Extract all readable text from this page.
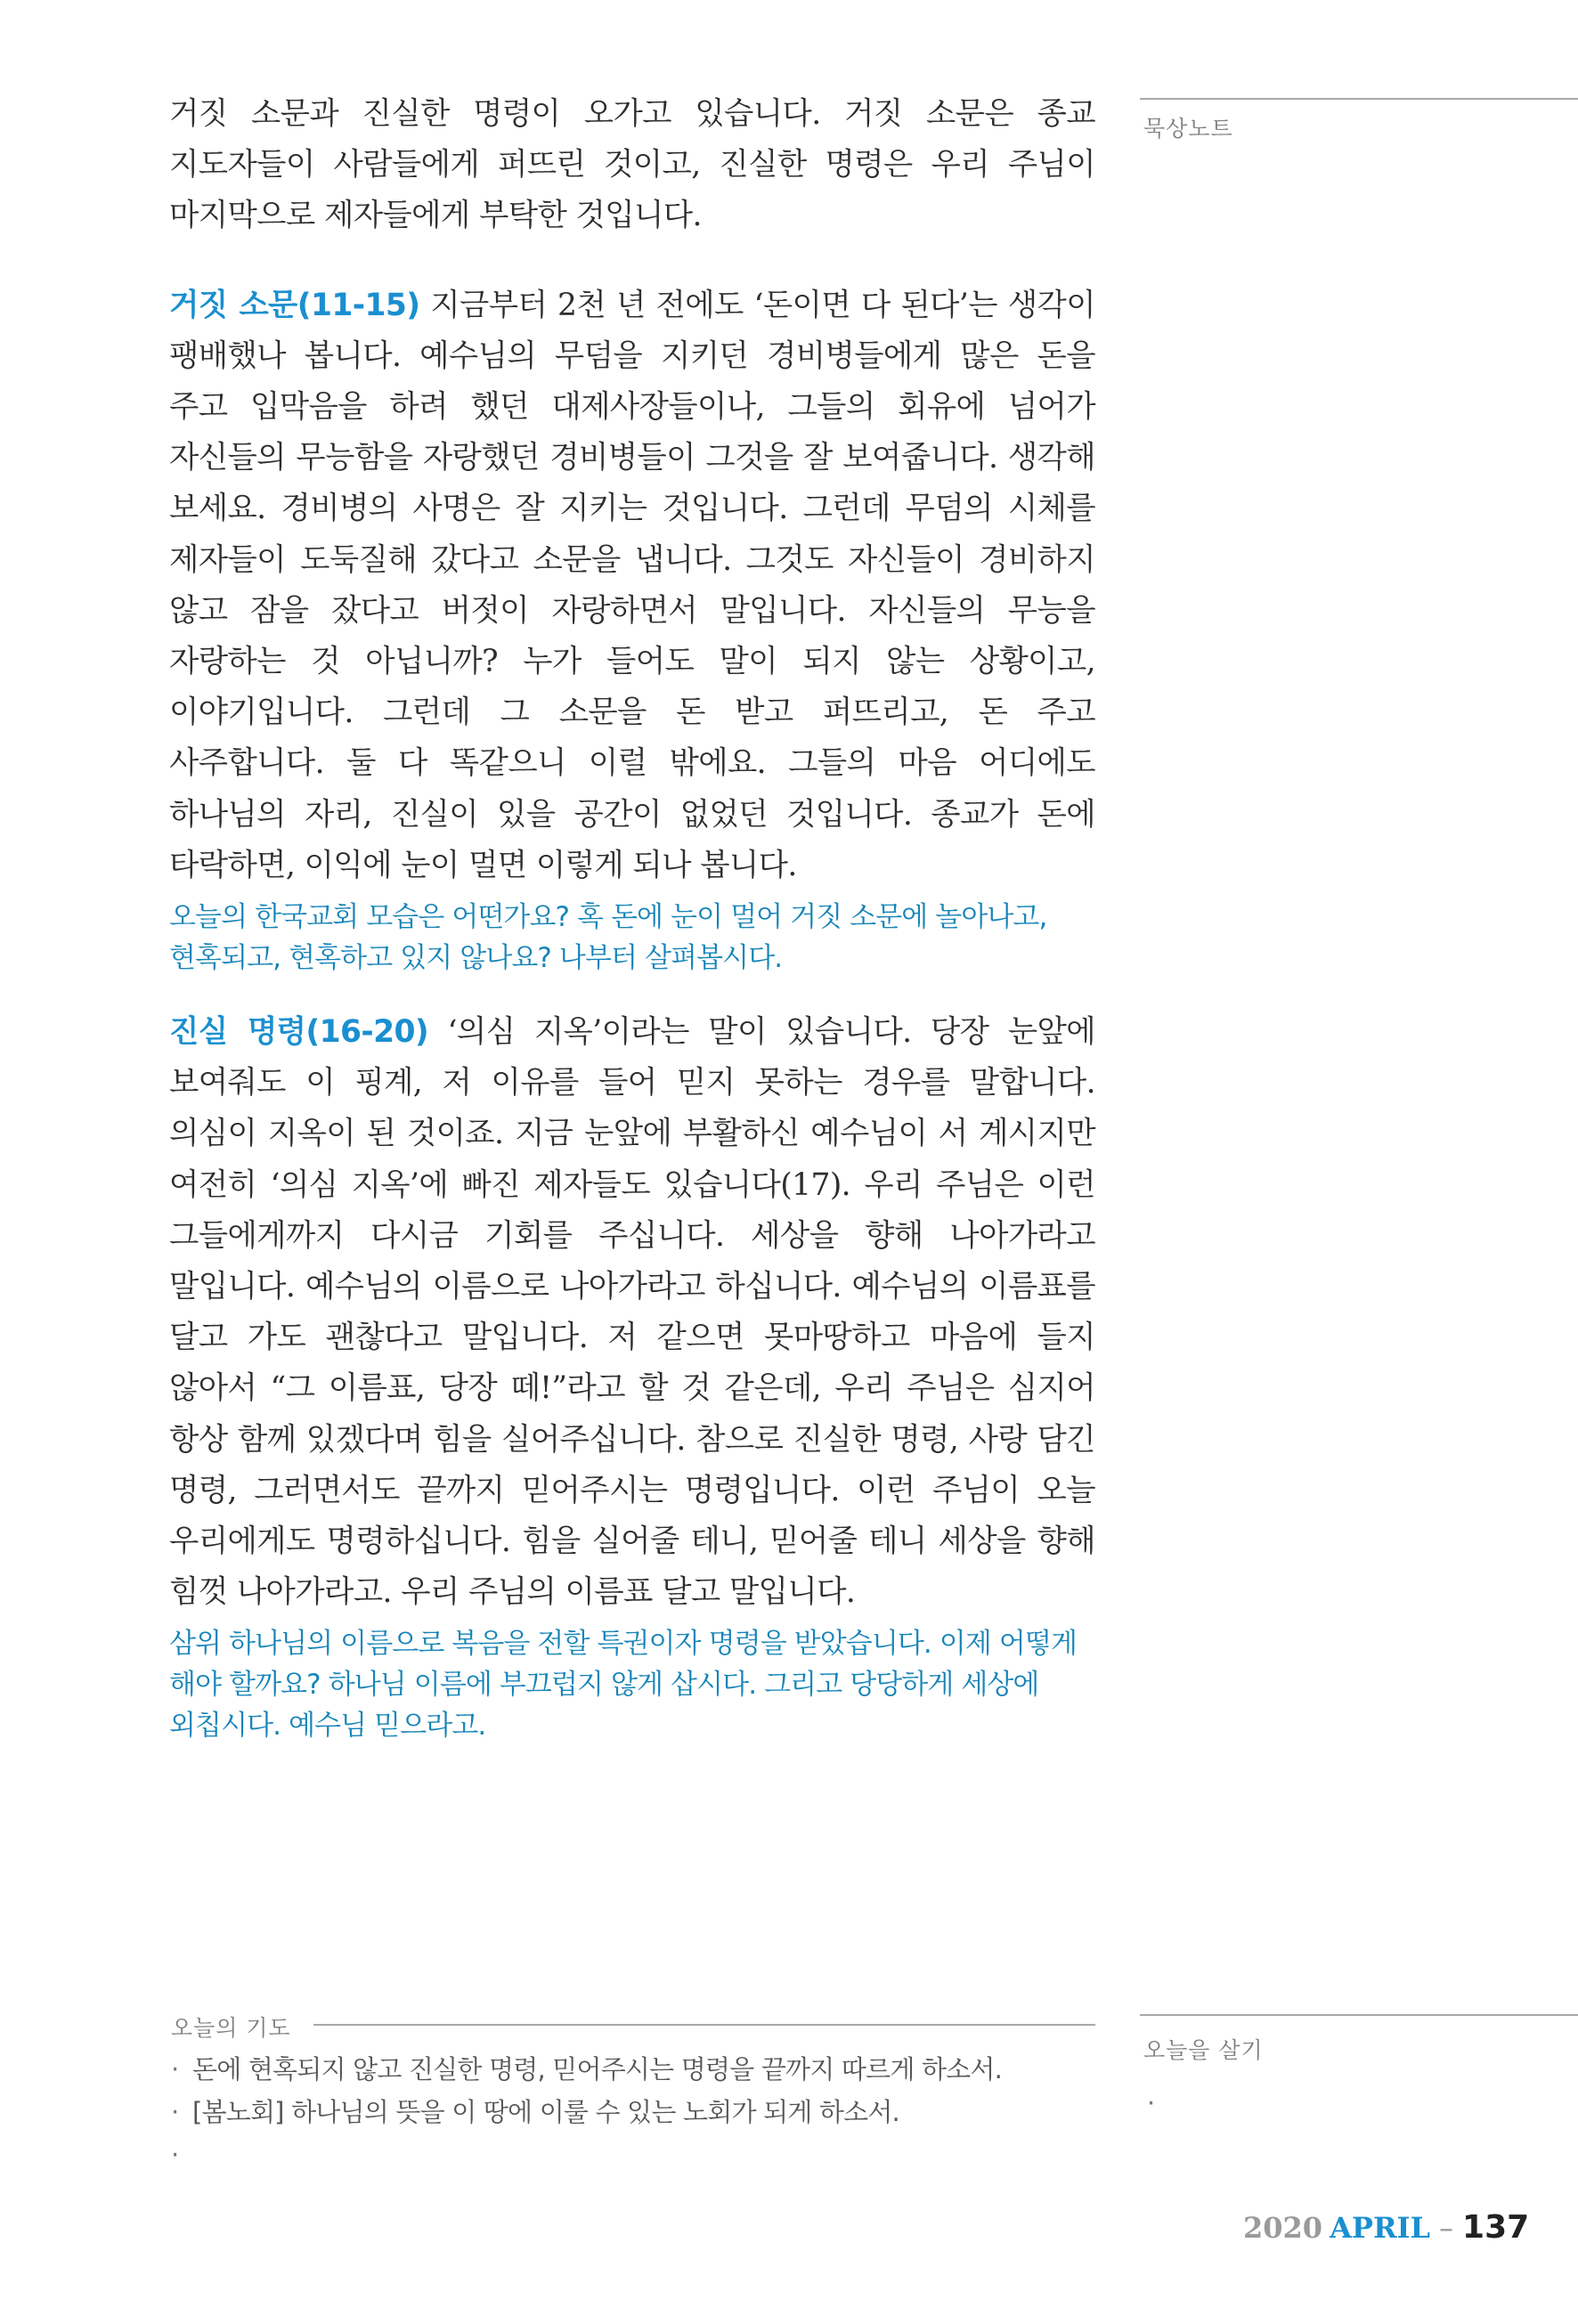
묵상노트

거짓 소문과 진실한 명령이 오가고 있습니다. 거짓 소문은 종교 지도자들이 사람들에게 퍼뜨린 것이고, 진실한 명령은 우리 주님이 마지막으로 제자들에게 부탁한 것입니다.

거짓 소문(11-15) 지금부터 2천 년 전에도 ‘돈이면 다 된다’는 생각이 팽배했나 봅니다. 예수님의 무덤을 지키던 경비병들에게 많은 돈을 주고 입막음을 하려 했던 대제사장들이나, 그들의 회유에 넘어가 자신들의 무능함을 자랑했던 경비병들이 그것을 잘 보여줍니다. 생각해 보세요. 경비병의 사명은 잘 지키는 것입니다. 그런데 무덤의 시체를 제자들이 도둑질해 갔다고 소문을 냅니다. 그것도 자신들이 경비하지 않고 잠을 잤다고 버젓이 자랑하면서 말입니다. 자신들의 무능을 자랑하는 것 아닙니까? 누가 들어도 말이 되지 않는 상황이고, 이야기입니다. 그런데 그 소문을 돈 받고 퍼뜨리고, 돈 주고 사주합니다. 둘 다 똑같으니 이럴 밖에요. 그들의 마음 어디에도 하나님의 자리, 진실이 있을 공간이 없었던 것입니다. 종교가 돈에 타락하면, 이익에 눈이 멀면 이렇게 되나 봅니다.

오늘의 한국교회 모습은 어떤가요? 혹 돈에 눈이 멀어 거짓 소문에 놀아나고, 현혹되고, 현혹하고 있지 않나요? 나부터 살펴봅시다.

진실 명령(16-20) ‘의심 지옥’이라는 말이 있습니다. 당장 눈앞에 보여줘도 이 핑계, 저 이유를 들어 믿지 못하는 경우를 말합니다. 의심이 지옥이 된 것이죠. 지금 눈앞에 부활하신 예수님이 서 계시지만 여전히 ‘의심 지옥’에 빠진 제자들도 있습니다(17). 우리 주님은 이런 그들에게까지 다시금 기회를 주십니다. 세상을 향해 나아가라고 말입니다. 예수님의 이름으로 나아가라고 하십니다. 예수님의 이름표를 달고 가도 괜찮다고 말입니다. 저 같으면 못마땅하고 마음에 들지 않아서 “그 이름표, 당장 떼!”라고 할 것 같은데, 우리 주님은 심지어 항상 함께 있겠다며 힘을 실어주십니다. 참으로 진실한 명령, 사랑 담긴 명령, 그러면서도 끝까지 믿어주시는 명령입니다. 이런 주님이 오늘 우리에게도 명령하십니다. 힘을 실어줄 테니, 믿어줄 테니 세상을 향해 힘껏 나아가라고. 우리 주님의 이름표 달고 말입니다.

삼위 하나님의 이름으로 복음을 전할 특권이자 명령을 받았습니다. 이제 어떻게 해야 할까요? 하나님 이름에 부끄럽지 않게 삽시다. 그리고 당당하게 세상에 외칩시다. 예수님 믿으라고.

오늘의 기도
· 돈에 현혹되지 않고 진실한 명령, 믿어주시는 명령을 끝까지 따르게 하소서.
· [봄노회] 하나님의 뜻을 이 땅에 이룰 수 있는 노회가 되게 하소서.
·
오늘을 살기
·
2020 APRIL – 137
